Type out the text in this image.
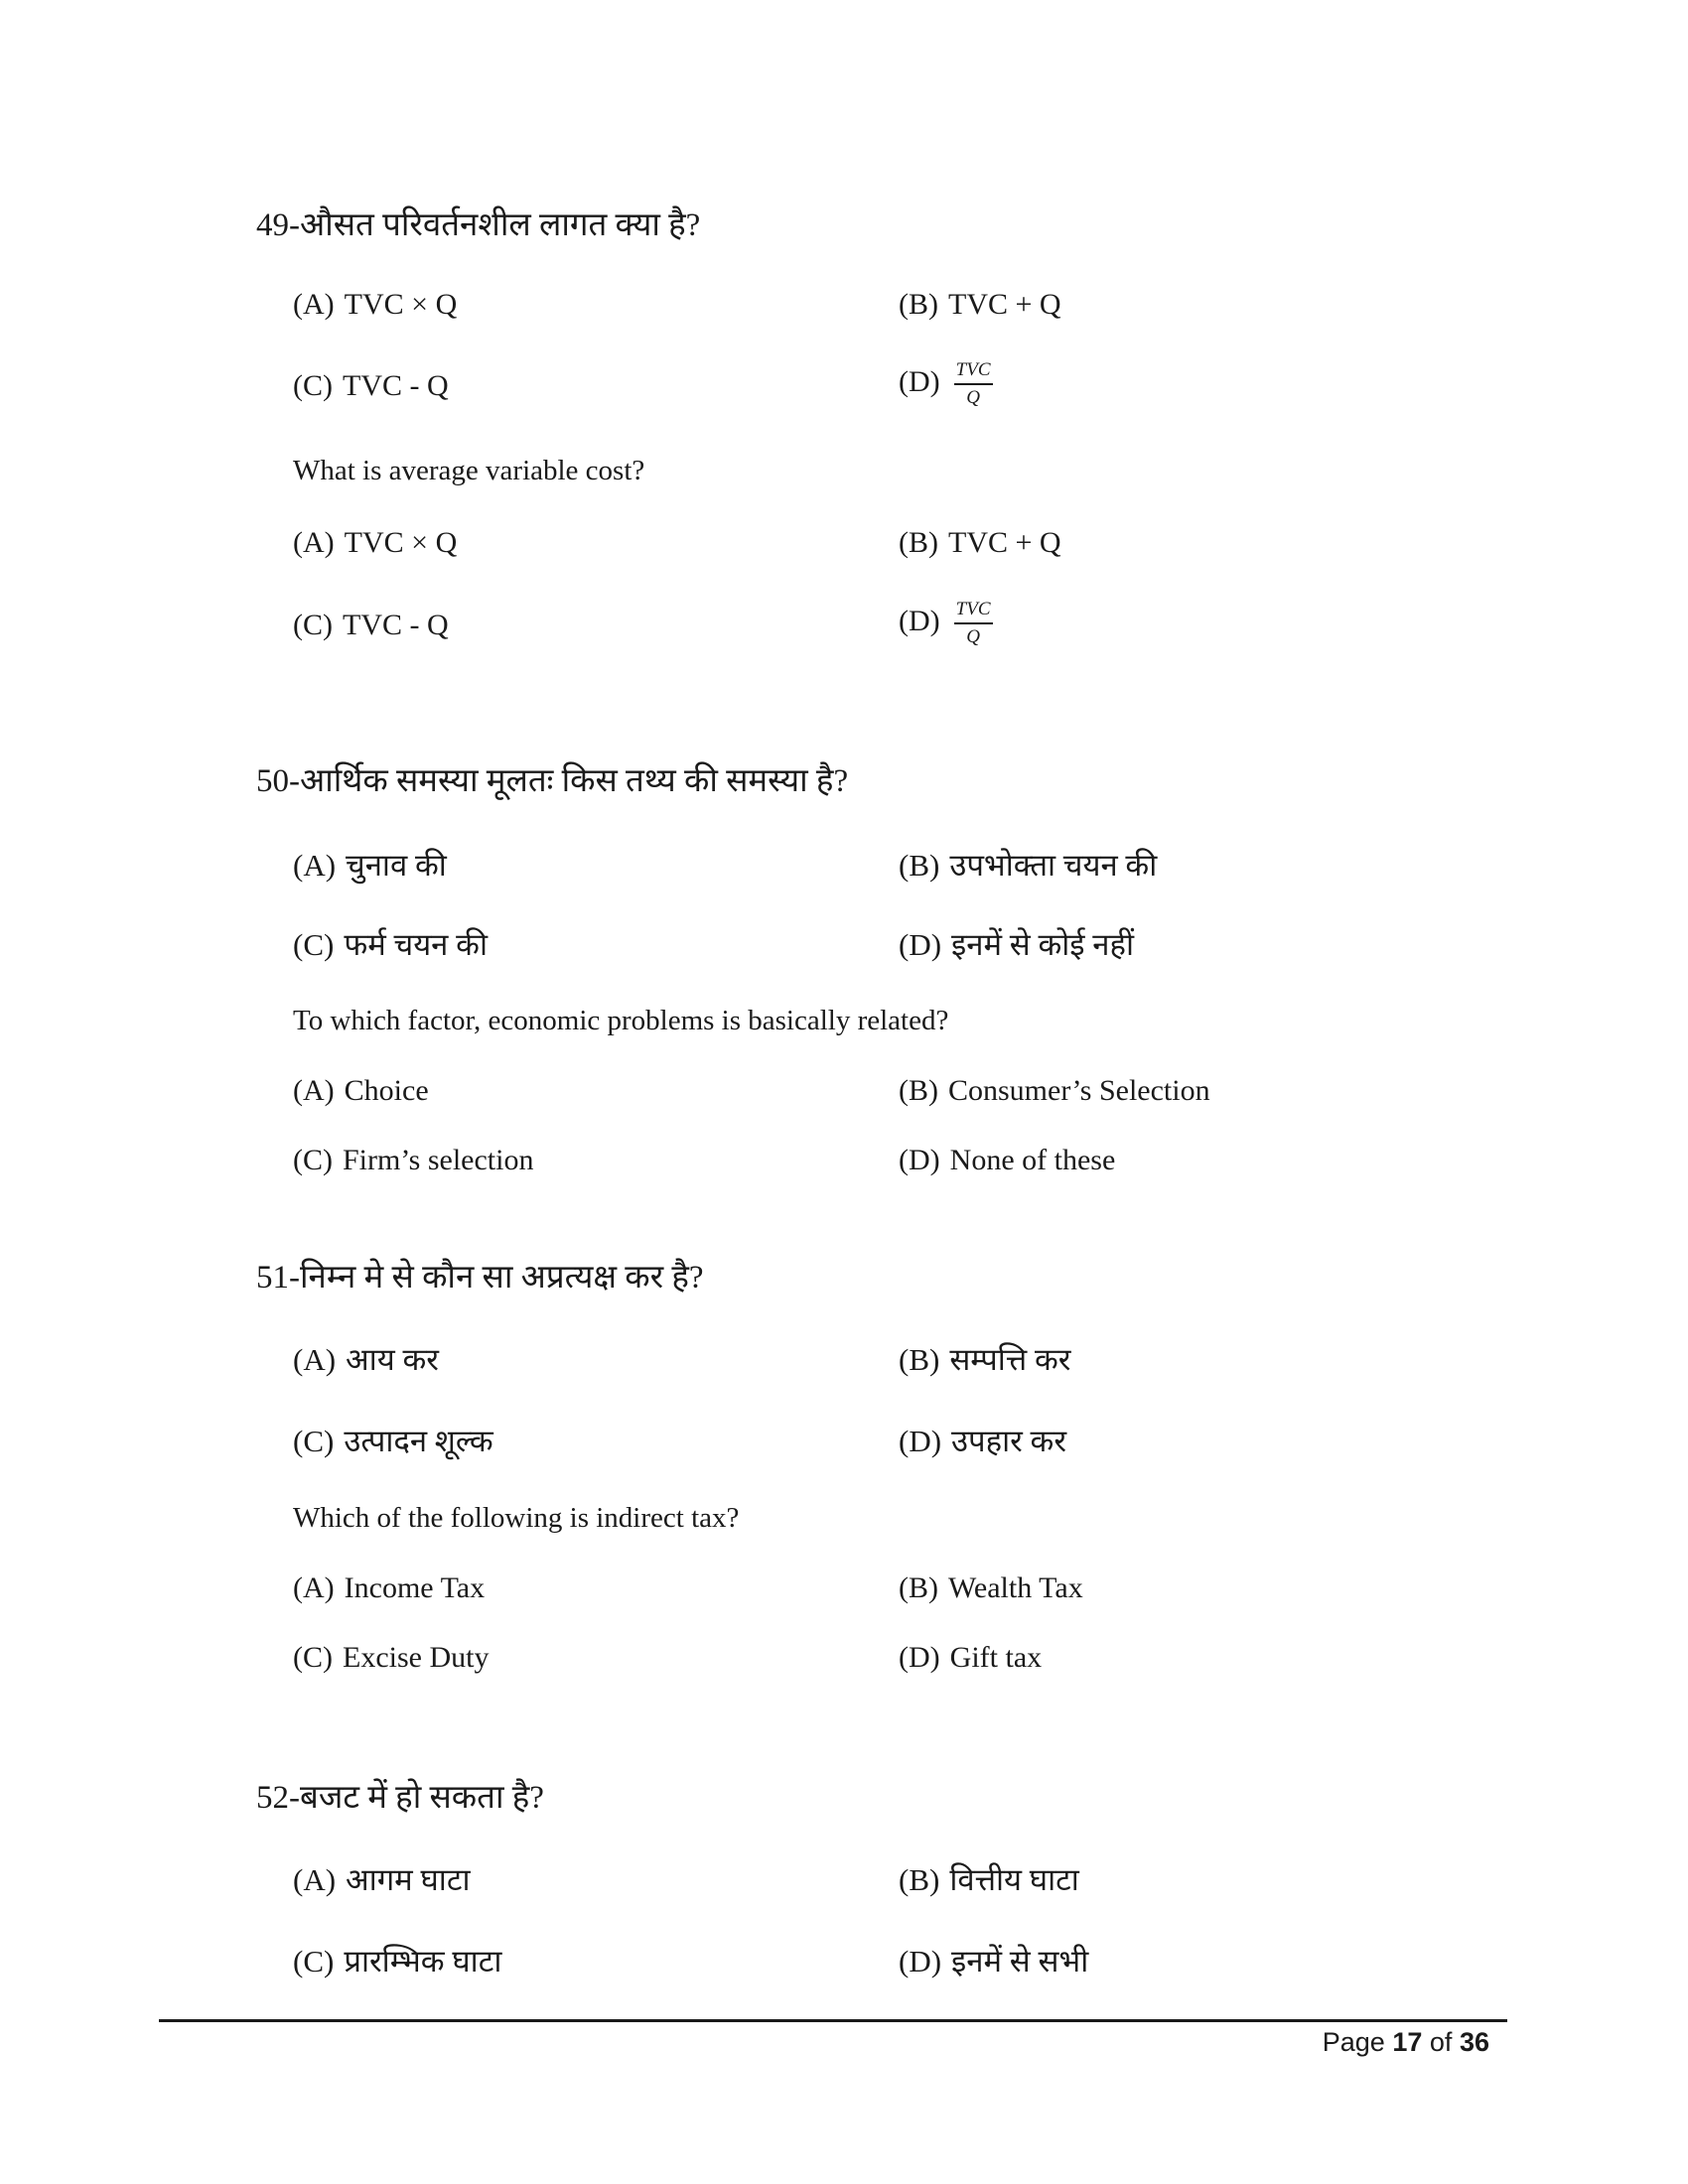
49-औसत परिवर्तनशील लागत क्या है?
(A) TVC × Q	(B) TVC + Q
(C) TVC - Q	$(D) \frac{\text{TVC}}{Q}$
What is average variable cost?
(A) TVC × Q	(B) TVC + Q
(C) TVC - Q	$(D) \frac{\text{TVC}}{Q}$
50-आर्थिक समस्या मूलतः किस तथ्य की समस्या है?
(A) चुनाव की	(B) उपभोक्ता चयन की
(C) फर्म चयन की	(D) इनमें से कोई नहीं
To which factor, economic problems is basically related?
(A) Choice	(B) Consumer’s Selection
(C) Firm’s selection	(D) None of these
51-निम्न मे से कौन सा अप्रत्यक्ष कर है?
(A) आय कर	(B) सम्पत्ति कर
(C) उत्पादन शूल्क	(D) उपहार कर
Which of the following is indirect tax?
(A) Income Tax	(B) Wealth Tax
(C) Excise Duty	(D) Gift tax
52-बजट में हो सकता है?
(A) आगम घाटा	(B) वित्तीय घाटा
(C) प्रारम्भिक घाटा	(D) इनमें से सभी
Page 17 of 36
